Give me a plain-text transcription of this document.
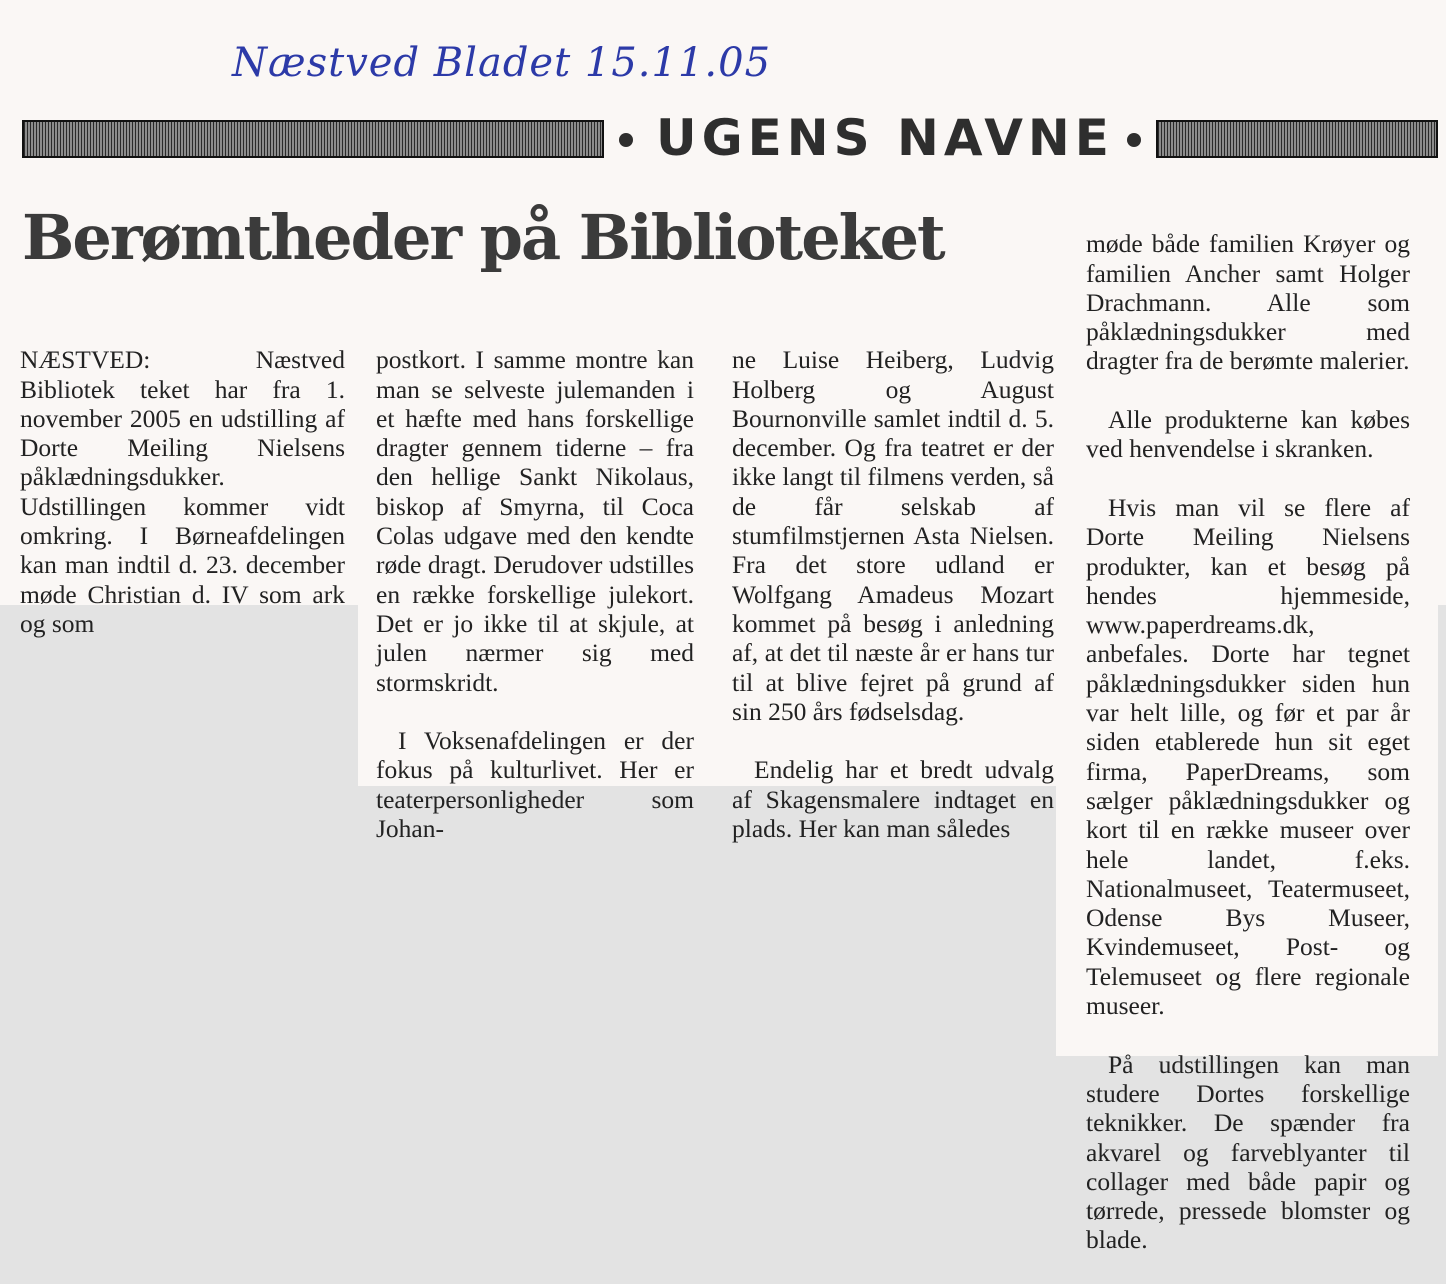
Næstved Bladet 15.11.05

UGENS NAVNE
Berømtheder på Biblioteket

NÆSTVED: Næstved Bibliotek teket har fra 1. november 2005 en udstilling af Dorte Meiling Nielsens påklædningsdukker. Udstillingen kommer vidt omkring. I Børneafdelingen kan man indtil d. 23. december møde Christian d. IV som ark og som

postkort. I samme montre kan man se selveste julemanden i et hæfte med hans forskellige dragter gennem tiderne – fra den hellige Sankt Nikolaus, biskop af Smyrna, til Coca Colas udgave med den kendte røde dragt. Derudover udstilles en række forskellige julekort. Det er jo ikke til at skjule, at julen nærmer sig med stormskridt.

I Voksenafdelingen er der fokus på kulturlivet. Her er teaterpersonligheder som Johan-

ne Luise Heiberg, Ludvig Holberg og August Bournonville samlet indtil d. 5. december. Og fra teatret er der ikke langt til filmens verden, så de får selskab af stumfilmstjernen Asta Nielsen. Fra det store udland er Wolfgang Amadeus Mozart kommet på besøg i anledning af, at det til næste år er hans tur til at blive fejret på grund af sin 250 års fødselsdag.

Endelig har et bredt udvalg af Skagensmalere indtaget en plads. Her kan man således

møde både familien Krøyer og familien Ancher samt Holger Drachmann. Alle som påklædningsdukker med dragter fra de berømte malerier.

Alle produkterne kan købes ved henvendelse i skranken.

Hvis man vil se flere af Dorte Meiling Nielsens produkter, kan et besøg på hendes hjemmeside, www.paperdreams.dk, anbefales. Dorte har tegnet påklædningsdukker siden hun var helt lille, og før et par år siden etablerede hun sit eget firma, PaperDreams, som sælger påklædningsdukker og kort til en række museer over hele landet, f.eks. Nationalmuseet, Teatermuseet, Odense Bys Museer, Kvindemuseet, Post- og Telemuseet og flere regionale museer.

På udstillingen kan man studere Dortes forskellige teknikker. De spænder fra akvarel og farveblyanter til collager med både papir og tørrede, pressede blomster og blade.
